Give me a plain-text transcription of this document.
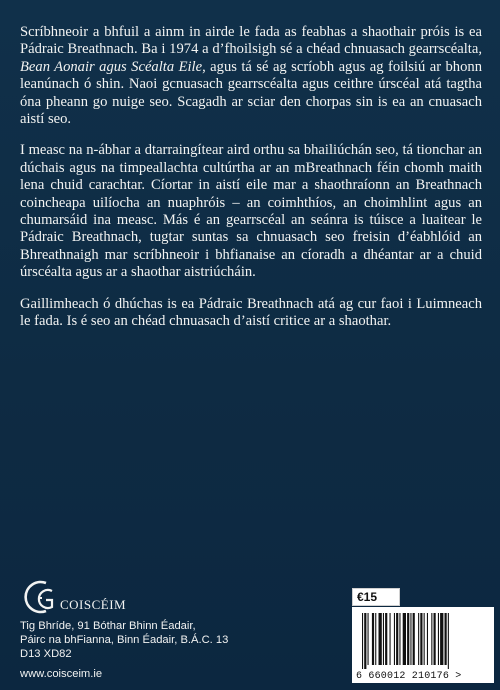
Scríbhneoir a bhfuil a ainm in airde le fada as feabhas a shaothair próis is ea Pádraic Breathnach. Ba i 1974 a d’fhoilsigh sé a chéad chnuasach gearrscéalta, Bean Aonair agus Scéalta Eile, agus tá sé ag scríobh agus ag foilsiú ar bhonn leanúnach ó shin. Naoi gcnuasach gearrscéalta agus ceithre úrscéal atá tagtha óna pheann go nuige seo. Scagadh ar sciar den chorpas sin is ea an cnuasach aistí seo.

I measc na n-ábhar a dtarraingítear aird orthu sa bhailiúchán seo, tá tionchar an dúchais agus na timpeallachta cultúrtha ar an mBreathnach féin chomh maith lena chuid carachtar. Cíortar in aistí eile mar a shaothraíonn an Breathnach coincheapa uilíocha an nuaphróis – an coimhthíos, an choimhlint agus an chumarsáid ina measc. Más é an gearrscéal an seánra is túisce a luaitear le Pádraic Breathnach, tugtar suntas sa chnuasach seo freisin d’éabhlóid an Bhreathnaigh mar scríbhneoir i bhfianaise an cíoradh a dhéantar ar a chuid úrscéalta agus ar a shaothar aistriúcháin.

Gaillimheach ó dhúchas is ea Pádraic Breathnach atá ag cur faoi i Luimneach le fada. Is é seo an chéad chnuasach d’aistí critice ar a shaothar.

COISCÉIM
Tig Bhríde, 91 Bóthar Bhinn Éadair,
Páirc na bhFianna, Binn Éadair, B.Á.C. 13
D13 XD82
www.coisceim.ie
€15
6 660012 210176 >
